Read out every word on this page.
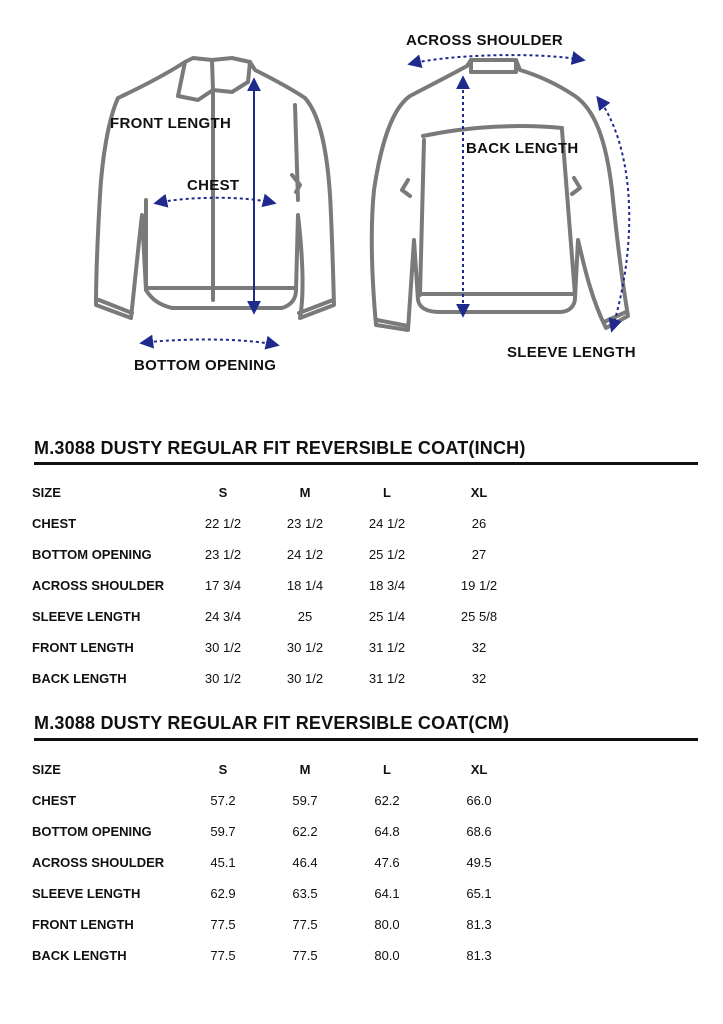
FRONT LENGTH
CHEST
BOTTOM OPENING
ACROSS SHOULDER
BACK LENGTH
SLEEVE LENGTH
M.3088 DUSTY REGULAR FIT REVERSIBLE COAT(INCH)
SIZE	S	M	L	XL
CHEST	22 1/2	23 1/2	24 1/2	26
BOTTOM OPENING	23 1/2	24 1/2	25 1/2	27
ACROSS SHOULDER	17 3/4	18 1/4	18 3/4	19 1/2
SLEEVE LENGTH	24 3/4	25	25 1/4	25 5/8
FRONT LENGTH	30 1/2	30 1/2	31 1/2	32
BACK LENGTH	30 1/2	30 1/2	31 1/2	32
M.3088 DUSTY REGULAR FIT REVERSIBLE COAT(CM)
SIZE	S	M	L	XL
CHEST	57.2	59.7	62.2	66.0
BOTTOM OPENING	59.7	62.2	64.8	68.6
ACROSS SHOULDER	45.1	46.4	47.6	49.5
SLEEVE LENGTH	62.9	63.5	64.1	65.1
FRONT LENGTH	77.5	77.5	80.0	81.3
BACK LENGTH	77.5	77.5	80.0	81.3
